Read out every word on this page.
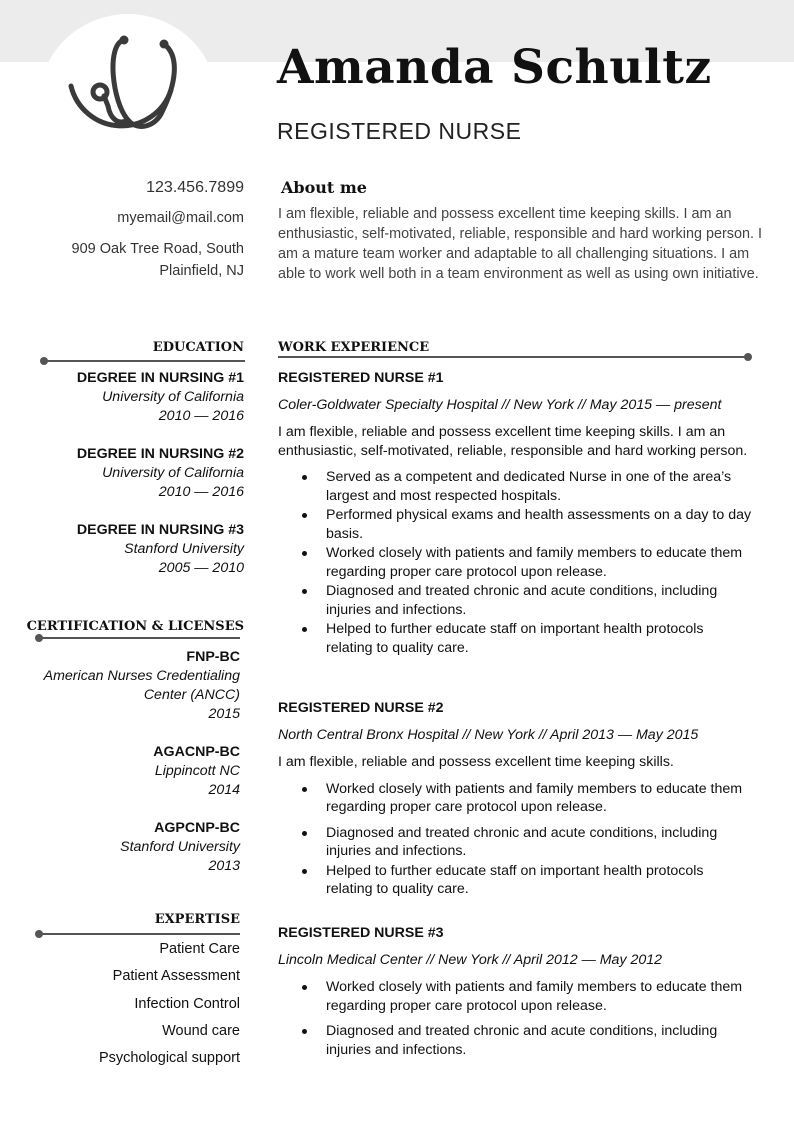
Amanda Schultz
REGISTERED NURSE
123.456.7899
myemail@mail.com
909 Oak Tree Road, South
Plainfield, NJ
About me
I am flexible, reliable and possess excellent time keeping skills. I am an enthusiastic, self-motivated, reliable, responsible and hard working person. I am a mature team worker and adaptable to all challenging situations. I am able to work well both in a team environment as well as using own initiative.
EDUCATION
DEGREE IN NURSING #1
University of California
2010 — 2016
DEGREE IN NURSING #2
University of California
2010 — 2016
DEGREE IN NURSING #3
Stanford University
2005 — 2010
CERTIFICATION & LICENSES
FNP-BC
American Nurses Credentialing
Center (ANCC)
2015
AGACNP-BC
Lippincott NC
2014
AGPCNP-BC
Stanford University
2013
EXPERTISE
Patient Care
Patient Assessment
Infection Control
Wound care
Psychological support
WORK EXPERIENCE
REGISTERED NURSE #1
Coler-Goldwater Specialty Hospital // New York // May 2015 — present
I am flexible, reliable and possess excellent time keeping skills. I am an enthusiastic, self-motivated, reliable, responsible and hard working person.
Served as a competent and dedicated Nurse in one of the area’s largest and most respected hospitals.
Performed physical exams and health assessments on a day to day basis.
Worked closely with patients and family members to educate them regarding proper care protocol upon release.
Diagnosed and treated chronic and acute conditions, including injuries and infections.
Helped to further educate staff on important health protocols relating to quality care.
REGISTERED NURSE #2
North Central Bronx Hospital // New York // April 2013 — May 2015
I am flexible, reliable and possess excellent time keeping skills.
Worked closely with patients and family members to educate them regarding proper care protocol upon release.
Diagnosed and treated chronic and acute conditions, including injuries and infections.
Helped to further educate staff on important health protocols relating to quality care.
REGISTERED NURSE #3
Lincoln Medical Center // New York // April 2012 — May 2012
Worked closely with patients and family members to educate them regarding proper care protocol upon release.
Diagnosed and treated chronic and acute conditions, including injuries and infections.
